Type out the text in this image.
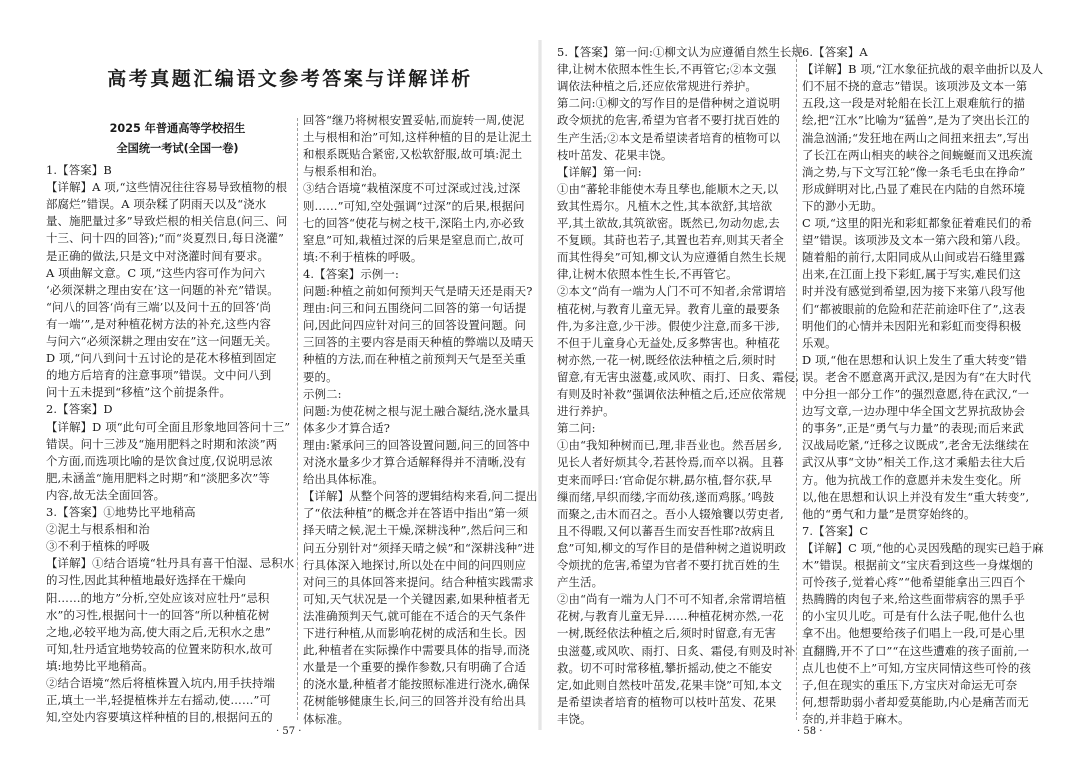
高考真题汇编语文参考答案与详解详析
2025 年普通高等学校招生
全国统一考试(全国一卷)
1.【答案】B
【详解】A 项,“这些情况往往容易导致植物的根
部腐烂”错误。A 项杂糅了阴雨天以及“浇水
量、施肥量过多”导致烂根的相关信息(问三、问
十三、问十四的回答);“而“炎夏烈日,每日浇灌”
是正确的做法,只是文中对浇灌时间有要求。
A 项曲解文意。C 项,“这些内容可作为问六
‘必须深耕之理由安在’这一问题的补充”错误。
“问八的回答‘尚有三端’以及问十五的回答‘尚
有一端’”,是对种植花树方法的补充,这些内容
与问六“必须深耕之理由安在”这一问题无关。
D 项,“问八到问十五讨论的是花木移植到固定
的地方后培育的注意事项”错误。文中问八到
问十五未提到“移植”这个前提条件。
2.【答案】D
【详解】D 项“此句可全面且形象地回答问十三”
错误。问十三涉及“施用肥料之时期和浓淡”两
个方面,而选项比喻的是饮食过度,仅说明忌浓
肥,未涵盖“施用肥料之时期”和“淡肥多次”等
内容,故无法全面回答。
3.【答案】①地势比平地稍高
②泥土与根系相和治
③不利于植株的呼吸
【详解】①结合语境“牡丹具有喜干怕湿、忌积水
的习性,因此其种植地最好选择在干燥向
阳……的地方”分析,空处应该对应牡丹“忌积
水”的习性,根据问十一的回答“所以种植花树
之地,必较平地为高,使大雨之后,无积水之患”
可知,牡丹适宜地势较高的位置来防积水,故可
填:地势比平地稍高。
②结合语境“然后将植株置入坑内,用手扶持端
正,填土一半,轻提植株并左右摇动,使……”可
知,空处内容要填这样种植的目的,根据问五的
回答“继乃将树根安置妥帖,而旋转一周,使泥
土与根相和治”可知,这样种植的目的是让泥土
和根系既贴合紧密,又松软舒服,故可填:泥土
与根系相和治。
③结合语境“栽植深度不可过深或过浅,过深
则……”可知,空处强调“过深”的后果,根据问
七的回答“使花与树之枝干,深陷土内,亦必致
窒息”可知,栽植过深的后果是窒息而亡,故可
填:不利于植株的呼吸。
4.【答案】示例一:
问题:种植之前如何预判天气是晴天还是雨天?
理由:问三和问五围绕问二回答的第一句话提
问,因此问四应针对问三的回答设置问题。问
三回答的主要内容是雨天种植的弊端以及晴天
种植的方法,而在种植之前预判天气是至关重
要的。
示例二:
问题:为使花树之根与泥土融合凝结,浇水量具
体多少才算合适?
理由:紧承问三的回答设置问题,问三的回答中
对浇水量多少才算合适解释得并不清晰,没有
给出具体标准。
【详解】从整个问答的逻辑结构来看,问二提出
了“依法种植”的概念并在答语中指出“第一须
择天晴之候,泥土干燥,深耕浅种”,然后问三和
问五分别针对“须择天晴之候”和“深耕浅种”进
行具体深入地探讨,所以处在中间的问四则应
对问三的具体回答来提问。结合种植实践需求
可知,天气状况是一个关键因素,如果种植者无
法准确预判天气,就可能在不适合的天气条件
下进行种植,从而影响花树的成活和生长。因
此,种植者在实际操作中需要具体的指导,而浇
水量是一个重要的操作参数,只有明确了合适
的浇水量,种植者才能按照标准进行浇水,确保
花树能够健康生长,问三的回答并没有给出具
体标准。
5.【答案】第一问:①柳文认为应遵循自然生长规
律,让树木依照本性生长,不再管它;②本文强
调依法种植之后,还应依常规进行养护。
第二问:①柳文的写作目的是借种树之道说明
政令烦扰的危害,希望为官者不要打扰百姓的
生产生活;②本文是希望读者培育的植物可以
枝叶茁发、花果丰饶。
【详解】第一问:
①由“蕃轮非能使木寿且孳也,能顺木之天,以
致其性焉尔。凡植木之性,其本欲舒,其培欲
平,其土欲故,其筑欲密。既然已,勿动勿虑,去
不复顾。其莳也若子,其置也若弃,则其天者全
而其性得矣”可知,柳文认为应遵循自然生长规
律,让树木依照本性生长,不再管它。
②本文“尚有一端为人门不可不知者,余常谓培
植花树,与教育儿童无异。教育儿童的最要条
件,为多注意,少干涉。假使少注意,而多干涉,
不但于儿童身心无益处,反多弊害也。种植花
树亦然,一花一树,既经依法种植之后,须时时
留意,有无害虫滋蔓,或风吹、雨打、日炙、霜侵,
有则及时补救”强调依法种植之后,还应依常规
进行养护。
第二问:
①由“我知种树而已,理,非吾业也。然吾居乡,
见长人者好烦其令,若甚怜焉,而卒以祸。且暮
吏来而呼曰:‘官命促尔耕,勗尔植,督尔获,早
缫而绪,早织而缕,字而幼孩,遂而鸡豚。’鸣鼓
而聚之,击木而召之。吾小人辍飧饔以劳吏者,
且不得暇,又何以蕃吾生而安吾性耶?故病且
怠”可知,柳文的写作目的是借种树之道说明政
令烦扰的危害,希望为官者不要打扰百姓的生
产生活。
②由“尚有一端为人门不可不知者,余常谓培植
花树,与教育儿童无异……种植花树亦然,一花
一树,既经依法种植之后,须时时留意,有无害
虫滋蔓,或风吹、雨打、日炙、霜侵,有则及时补
救。切不可时常移植,攀折摇动,使之不能安
定,如此则自然枝叶茁发,花果丰饶”可知,本文
是希望读者培育的植物可以枝叶茁发、花果
丰饶。
6.【答案】A
【详解】B 项,“江水象征抗战的艰辛曲折以及人
们不屈不挠的意志”错误。该项涉及文本一第
五段,这一段是对轮船在长江上艰难航行的描
绘,把“江水”比喻为“猛兽”,是为了突出长江的
湍急汹涌;“发狂地在两山之间扭来扭去”,写出
了长江在两山相夹的峡谷之间蜿蜒而又迅疾流
淌之势,与下文写江轮“像一条毛毛虫在挣命”
形成鲜明对比,凸显了难民在内陆的自然环境
下的渺小无助。
C 项,“这里的阳光和彩虹都象征着难民们的希
望”错误。该项涉及文本一第六段和第八段。
随着船的前行,太阳同成从山间或岩石缝里露
出来,在江面上投下彩虹,属于写实,难民们这
时并没有感觉到希望,因为接下来第八段写他
们“都被眼前的危险和茫茫前途吓住了”,这表
明他们的心情并未因阳光和彩虹而变得积极
乐观。
D 项,“他在思想和认识上发生了重大转变”错
误。老舍不愿意离开武汉,是因为有“在大时代
中分担一部分工作”的强烈意愿,待在武汉,“一
边写文章,一边办理中华全国文艺界抗敌协会
的事务”,正是“勇气与力量”的表现;而后来武
汉战局吃紧,“迁移之议既成”,老舍无法继续在
武汉从事“文协”相关工作,这才乘船去往大后
方。他为抗战工作的意愿并未发生变化。所
以,他在思想和认识上并没有发生“重大转变”,
他的“勇气和力量”是贯穿始终的。
7.【答案】C
【详解】C 项,“他的心灵因残酷的现实已趋于麻
木”错误。根据前文“宝庆看到这些一身煤烟的
可怜孩子,觉着心疼”“他希望能拿出三四百个
热腾腾的肉包子来,给这些面带病容的黑手乎
的小宝贝儿吃。可是有什么法子呢,他什么也
拿不出。他想要给孩子们唱上一段,可是心里
直翻腾,开不了口”“在这些遭难的孩子面前,一
点儿也使不上”可知,方宝庆同情这些可怜的孩
子,但在现实的重压下,方宝庆对命运无可奈
何,想帮助弱小者却爱莫能助,内心是痛苦而无
奈的,并非趋于麻木。
· 57 ·	· 58 ·
